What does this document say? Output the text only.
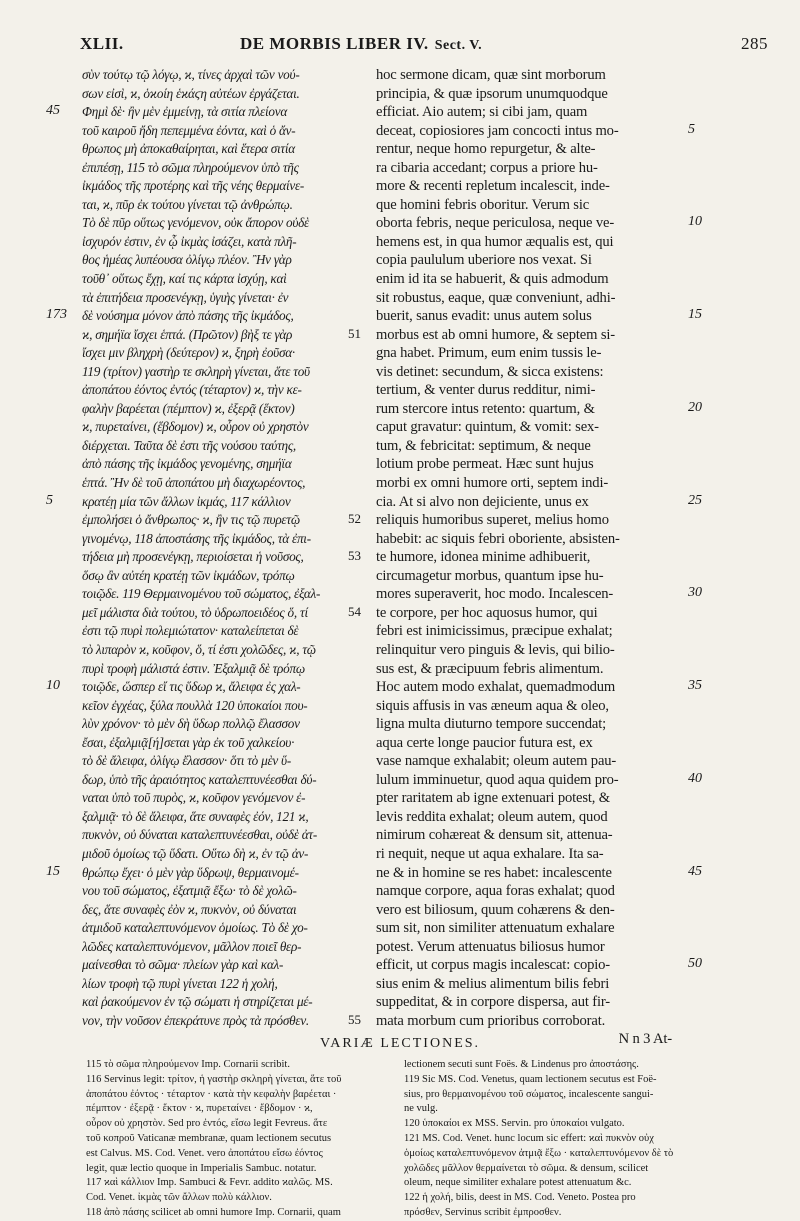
XLII.	DE MORBIS LIBER IV. Sect. V.	285
σὺν τούτῳ τῷ λόγῳ, ϰ, τίνες ἀρχαὶ τῶν νού-
σων εἰσὶ, ϰ, ὁϰοίη ἑϰάϛη αὐτέων ἐργάζεται.
Φημὶ δὲ· ἢν μὲν ἐμμείνῃ, τὰ σιτία πλείονα
τοῦ καιροῦ ἤδη πεπεμμένα ἐόντα, καὶ ὁ ἄν-
θρωπος μὴ ἀποκαθαίρηται, καὶ ἕτερα σιτία
ἐπιπέσῃ, 115 τὸ σῶμα πληρούμενον ὑπὸ τῆς
ἰκμάδος τῆς προτέρης καὶ τῆς νέης θερμαίνε-
ται, ϰ, πῦρ ἐκ τούτου γίνεται τῷ ἀνθρώπῳ.
Τὸ δὲ πῦρ οὕτως γενόμενον, οὐκ ἄπορον οὐδὲ
ἰσχυρόν ἐστιν, ἐν ᾧ ἰκμὰς ἰσάζει, κατὰ πλῆ-
θος ἡμέας λυπέουσα ὀλίγῳ πλέον. Ἢν γὰρ
τοῦθ᾽ οὕτως ἔχῃ, καί τις κάρτα ἰσχύῃ, καὶ
τὰ ἐπιτήδεια προσενέγκῃ, ὑγιὴς γίνεται· ἐν
δὲ νούσημα μόνον ἀπὸ πάσης τῆς ἰκμάδος,
ϰ, σημήϊα ἴσχει ἑπτά. (Πρῶτον) βὴξ τε γὰρ
ἴσχει μιν βληχρὴ (δεύτερον) ϰ, ξηρὴ ἐοῦσα·
119 (τρίτον) γαστὴρ τε σκληρὴ γίνεται, ἅτε τοῦ
ἀποπάτου ἐόντος ἐντός (τέταρτον) ϰ, τὴν κε-
φαλὴν βαρέεται (πέμπτον) ϰ, ἐξερᾷ (ἕκτον)
ϰ, πυρεταίνει, (ἕβδομον) ϰ, οὖρον οὐ χρηστὸν
διέρχεται. Ταῦτα δὲ ἐστι τῆς νούσου ταύτης,
ἀπὸ πάσης τῆς ἰκμάδος γενομένης, σημήϊα
ἑπτά. Ἢν δὲ τοῦ ἀποπάτου μὴ διαχωρέοντος,
κρατέῃ μία τῶν ἄλλων ἰκμάς, 117 κάλλιον
ἐμπολήσει ὁ ἄνθρωπος· ϰ, ἢν τις τῷ πυρετῷ
γινομένῳ, 118 ἀποστάσης τῆς ἰκμάδος, τὰ ἐπι-
τήδεια μὴ προσενέγκῃ, περιοίσεται ἡ νοῦσος,
ὅσῳ ἂν αὐτέη κρατέῃ τῶν ἰκμάδων, τρόπῳ
τοιῷδε. 119 Θερμαινομένου τοῦ σώματος, ἐξαλ-
μεῖ μάλιστα διὰ τούτου, τὸ ὑδρωποειδέος ὅ, τί
ἐστι τῷ πυρὶ πολεμιώτατον· καταλείπεται δὲ
τὸ λιπαρὸν ϰ, κοῦφον, ὅ, τί ἐστι χολῶδες, ϰ, τῷ
πυρὶ τροφὴ μάλιστά ἐστιν. Ἐξαλμιᾷ δὲ τρόπῳ
τοιῷδε, ὥσπερ εἴ τις ὕδωρ ϰ, ἄλειφα ἐς χαλ-
κεῖον ἐγχέας, ξύλα πουλλὰ 120 ὑποκαίοι που-
λὺν χρόνον· τὸ μὲν δὴ ὕδωρ πολλῷ ἔλασσον
ἔσαι, ἐξαλμιᾷ[ή]σεται γὰρ ἐκ τοῦ χαλκείου·
τὸ δὲ ἄλειφα, ὀλίγῳ ἔλασσον· ὅτι τὸ μὲν ὕ-
δωρ, ὑπὸ τῆς ἀραιότητος καταλεπτυνέεσθαι δύ-
ναται ὑπὸ τοῦ πυρὸς, ϰ, κοῦφον γενόμενον ἐ-
ξαλμιᾷ· τὸ δὲ ἄλειφα, ἅτε συναφὲς ἐόν, 121 ϰ,
πυκνὸν, οὐ δύναται καταλεπτυνέεσθαι, οὐδὲ ἀτ-
μιδοῦ ὁμοίως τῷ ὕδατι. Οὕτω δὴ ϰ, ἐν τῷ ἀν-
θρώπῳ ἔχει· ὁ μὲν γὰρ ὕδρωψ, θερμαινομέ-
νου τοῦ σώματος, ἐξατμιᾷ ἔξω· τὸ δὲ χολῶ-
δες, ἅτε συναφὲς ἐὸν ϰ, πυκνὸν, οὐ δύναται
ἀτμιδοῦ καταλεπτυνόμενον ὁμοίως. Τὸ δὲ χο-
λῶδες καταλεπτυνόμενον, μᾶλλον ποιεῖ θερ-
μαίνεσθαι τὸ σῶμα· πλείων γὰρ καὶ καλ-
λίων τροφὴ τῷ πυρὶ γίνεται 122 ἡ χολή,
καὶ ῥακούμενον ἐν τῷ σώματι ἡ στηρίζεται μέ-
νον, τὴν νοῦσον ἐπεκράτυνε πρὸς τὰ πρόσθεν.
hoc sermone dicam, quæ sint morborum
principia, & quæ ipsorum unumquodque
efficiat. Aio autem; si cibi jam, quam
deceat, copiosiores jam concocti intus mo-
rentur, neque homo repurgetur, & alte-
ra cibaria accedant; corpus a priore hu-
more & recenti repletum incalescit, inde-
que homini febris oboritur. Verum sic
oborta febris, neque periculosa, neque ve-
hemens est, in qua humor æqualis est, qui
copia paululum uberiore nos vexat. Si
enim id ita se habuerit, & quis admodum
sit robustus, eaque, quæ conveniunt, adhi-
buerit, sanus evadit: unus autem solus
morbus est ab omni humore, & septem si-
gna habet. Primum, eum enim tussis le-
vis detinet: secundum, & sicca existens:
tertium, & venter durus redditur, nimi-
rum stercore intus retento: quartum, &
caput gravatur: quintum, & vomit: sex-
tum, & febricitat: septimum, & neque
lotium probe permeat. Hæc sunt hujus
morbi ex omni humore orti, septem indi-
cia. At si alvo non dejiciente, unus ex
reliquis humoribus superet, melius homo
habebit: ac siquis febri oboriente, absisten-
te humore, idonea minime adhibuerit,
circumagetur morbus, quantum ipse hu-
mores superaverit, hoc modo. Incalescen-
te corpore, per hoc aquosus humor, qui
febri est inimicissimus, præcipue exhalat;
relinquitur vero pinguis & levis, qui bilio-
sus est, & præcipuum febris alimentum.
Hoc autem modo exhalat, quemadmodum
siquis affusis in vas æneum aqua & oleo,
ligna multa diuturno tempore succendat;
aqua certe longe paucior futura est, ex
vase namque exhalabit; oleum autem pau-
lulum imminuetur, quod aqua quidem pro-
pter raritatem ab igne extenuari potest, &
levis reddita exhalat; oleum autem, quod
nimirum cohæreat & densum sit, attenua-
ri nequit, neque ut aqua exhalare. Ita sa-
ne & in homine se res habet: incalescente
namque corpore, aqua foras exhalat; quod
vero est biliosum, quum cohærens & den-
sum sit, non similiter attenuatum exhalare
potest. Verum attenuatus biliosus humor
efficit, ut corpus magis incalescat: copio-
sius enim & melius alimentum bilis febri
suppeditat, & in corpore dispersa, aut fir-
mata morbum cum prioribus corroborat.
N n 3 At-
45
173
5
10
15
51
52
53
54
55
5
10
15
20
25
30
35
40
45
50
VARIÆ LECTIONES.
115 τὸ σῶμα πληρούμενον Imp. Cornarii scribit.
116 Servinus legit: τρίτον, ἡ γαστὴρ σκληρὴ γίνεται, ἅτε τοῦ
ἀποπάτου ἐόντος · τέταρτον · κατὰ τὴν κεφαλὴν βαρέεται ·
πέμπτον · ἐξερᾷ · ἕκτον · ϰ, πυρεταίνει · ἕβδομον · ϰ,
οὖρον οὐ χρηστὸν. Sed pro ἐντός, εἴσω legit Fevreus. ἅτε
τοῦ κοπροῦ Vaticanæ membranæ, quam lectionem secutus
est Calvus. MS. Cod. Venet. vero ἀποπάτου εἴσω ἐόντος
legit, quæ lectio quoque in Imperialis Sambuc. notatur.
117 ϰαὶ κάλλιον Imp. Sambuci & Fevr. addito ϰαλῶς. MS.
Cod. Venet. ἰκμὰς τῶν ἄλλων πολὺ κάλλιον.
118 ἀπὸ πάσης scilicet ab omni humore Imp. Cornarii, quam
lectionem secuti sunt Foës. & Lindenus pro ἀποστάσης.
119 Sic MS. Cod. Venetus, quam lectionem secutus est Foë-
sius, pro θερμαινομένου τοῦ σώματος, incalescente sangui-
ne vulg.
120 ὑποκαίοι ex MSS. Servin. pro ὑποκαίοι vulgato.
121 MS. Cod. Venet. hunc locum sic effert: ϰαὶ πυκνὸν οὐχ
ὁμοίως καταλεπτυνόμενον ἀτμιᾷ ἔξω · καταλεπτυνόμενον δὲ τὸ
χολῶδες μᾶλλον θερμαίνεται τὸ σῶμα. & densum, scilicet
oleum, neque similiter exhalare potest attenuatum &c.
122 ἡ χολή, bilis, deest in MS. Cod. Veneto. Postea pro
πρόσθεν, Servinus scribit ἐμπροσθεν.
